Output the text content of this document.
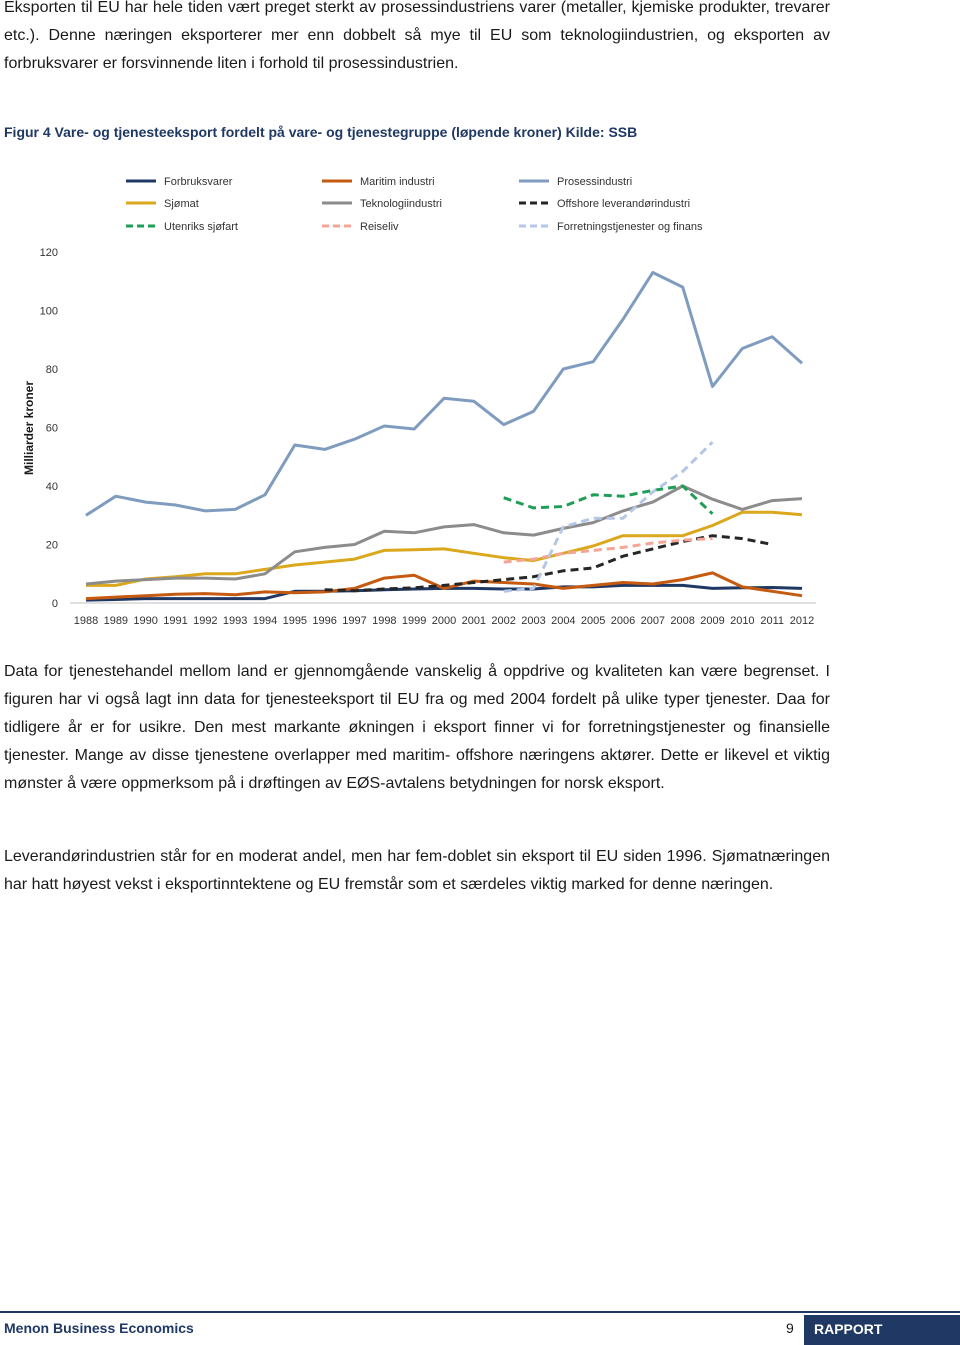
Eksporten til EU har hele tiden vært preget sterkt av prosessindustriens varer (metaller, kjemiske produkter, trevarer etc.). Denne næringen eksporterer mer enn dobbelt så mye til EU som teknologiindustrien, og eksporten av forbruksvarer er forsvinnende liten i forhold til prosessindustrien.

Figur 4 Vare- og tjenesteeksport fordelt på vare- og tjenestegruppe (løpende kroner) Kilde: SSB

Forbruksvarer	Maritim industri	Prosessindustri
Sjømat	Teknologiindustri	Offshore leverandørindustri
Utenriks sjøfart	Reiseliv	Forretningstjenester og finans
0
20
40
60
80
100
120
1988 1989 1990 1991 1992 1993 1994 1995 1996 1997 1998 1999 2000 2001 2002 2003 2004 2005 2006 2007 2008 2009 2010 2011 2012
Milliarder kroner

Data for tjenestehandel mellom land er gjennomgående vanskelig å oppdrive og kvaliteten kan være begrenset. I figuren har vi også lagt inn data for tjenesteeksport til EU fra og med 2004 fordelt på ulike typer tjenester. Daa for tidligere år er for usikre. Den mest markante økningen i eksport finner vi for forretningstjenester og finansielle tjenester. Mange av disse tjenestene overlapper med maritim- offshore næringens aktører. Dette er likevel et viktig mønster å være oppmerksom på i drøftingen av EØS-avtalens betydningen for norsk eksport.

Leverandørindustrien står for en moderat andel, men har fem-doblet sin eksport til EU siden 1996. Sjømatnæringen har hatt høyest vekst i eksportinntektene og EU fremstår som et særdeles viktig marked for denne næringen.

Menon Business Economics	9 RAPPORT
